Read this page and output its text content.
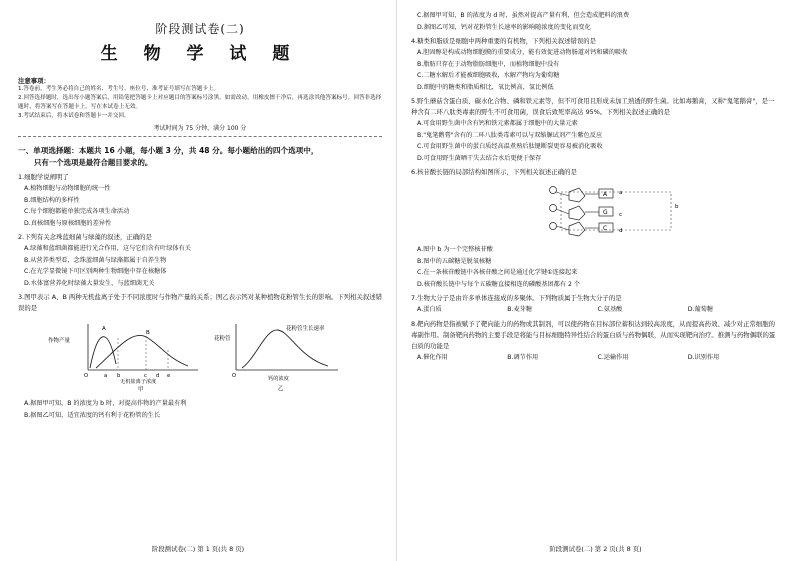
阶段测试卷(二)
生 物 学 试 题
注意事项：
1.答卷前，考生务必将自己的姓名、考生号、座位号、准考证号填写在答题卡上。
2.回答选择题时，选出每小题答案后，用铅笔把答题卡上对应题目的答案标号涂黑。如需改动，用橡皮擦干净后，再选涂其他答案标号。回答非选择题时，将答案写在答题卡上，写在本试卷上无效。
3.考试结束后，将本试卷和答题卡一并交回。
考试时间为 75 分钟，满分 100 分
一、单项选择题：本题共 16 小题，每小题 3 分，共 48 分。每小题给出的四个选项中，
只有一个选项是最符合题目要求的。
1.细胞学说阐明了
A.植物细胞与动物细胞的统一性
B.细胞结构的多样性
C.每个细胞都能单独完成各项生命活动
D.真核细胞与原核细胞的差异性
2.下列有关念珠蓝细菌与绿藻的叙述，正确的是
A.绿藻和蓝细菌都能进行光合作用，这与它们含有叶绿体有关
B.从营养类型看，念珠蓝细菌与绿藻都属于自养生物
C.在光学显微镜下可区别两种生物细胞中存在核糖体
D.水体富营养化时绿藻大量发生，与蓝细菌无关
3.图甲表示 A、B 两种无机盐离子处于不同浓度时与作物产量的关系；图乙表示钙对某种植物花粉管生长的影响。下列相关叙述错误的是
作物产量
A
B
O	a b	c d e
无机盐离子浓度
甲
花粉管
花粉管生长速率
O	钙的浓度
乙
A.据图甲可知，B 的浓度为 b 时，对提高作物的产量最有利
B.据图乙可知，适宜浓度的钙有利于花粉管的生长
阶段测试卷(二) 第 1 页(共 8 页)
C.据图甲可知，B 的浓度为 d 时，虽然对提高产量有利，但会造成肥料的浪费
D.据图乙可知，钙对花粉管生长速率的影响随浓度的变化而变化
4.糖类和脂质是细胞中两种重要的有机物，下列相关叙述错误的是
A.胆固醇是构成动物细胞膜的重要成分，能有效促进动物肠道对钙和磷的吸收
B.脂肪只存在于动物脂肪细胞中，而植物细胞中没有
C.二糖水解后才能被细胞吸收，水解产物均为葡萄糖
D.细胞中的糖类和脂质相比，氧比例高，氢比例低
5.野生蘑菇含蛋白质、碳水化合物、磷和铁元素等，但不可食用且形成未加工熟透的野生菌。比如毒鹅膏，又称"鬼笔鹅膏"，是一种含有二环八肽类毒素的野生不可食用菌，误食后致死率高达 95%。下列相关叙述正确的是
A.可食用野生菌中含有钙和铁元素都属于细胞中的大量元素
B."鬼笔鹅膏"含有的二环八肽类毒素可以与双缩脲试剂产生紫色反应
C.可食用野生菌中的蛋白质经高温煮熟后肽键断裂更容易被消化吸收
D.可食用野生菌晒干失去结合水后更便于保存
6.核苷酸长链的局部结构如图所示，下列相关叙述正确的是
A
G
C
a
b
c
d
A.图中 b 为一个完整核苷酸
B.图中的五碳糖是脱氧核糖
C.在一条核苷酸链中各核苷酸之间是通过化学键①连接起来
D.核苷酸长链中与每个五碳糖直接相连的磷酸基团都有 2 个
7.生物大分子是由许多单体连接成的多聚体。下列物质属于生物大分子的是
A.蛋白质	B.麦芽糖	C.氨基酸	D.葡萄糖
8.靶向药物是指被赋予了靶向能力的药物或其制剂，可以使药物在目标部位蓄积达到较高浓度，从而提高药效、减少对正常细胞的毒副作用。制备靶向药物的主要手段是将能与目标细胞特异性结合的蛋白质与药物偶联，从而实现靶向治疗。推测与药物偶联的蛋白质的功能是
A.催化作用	B.调节作用	C.运输作用	D.识别作用
阶段测试卷(二) 第 2 页(共 8 页)
